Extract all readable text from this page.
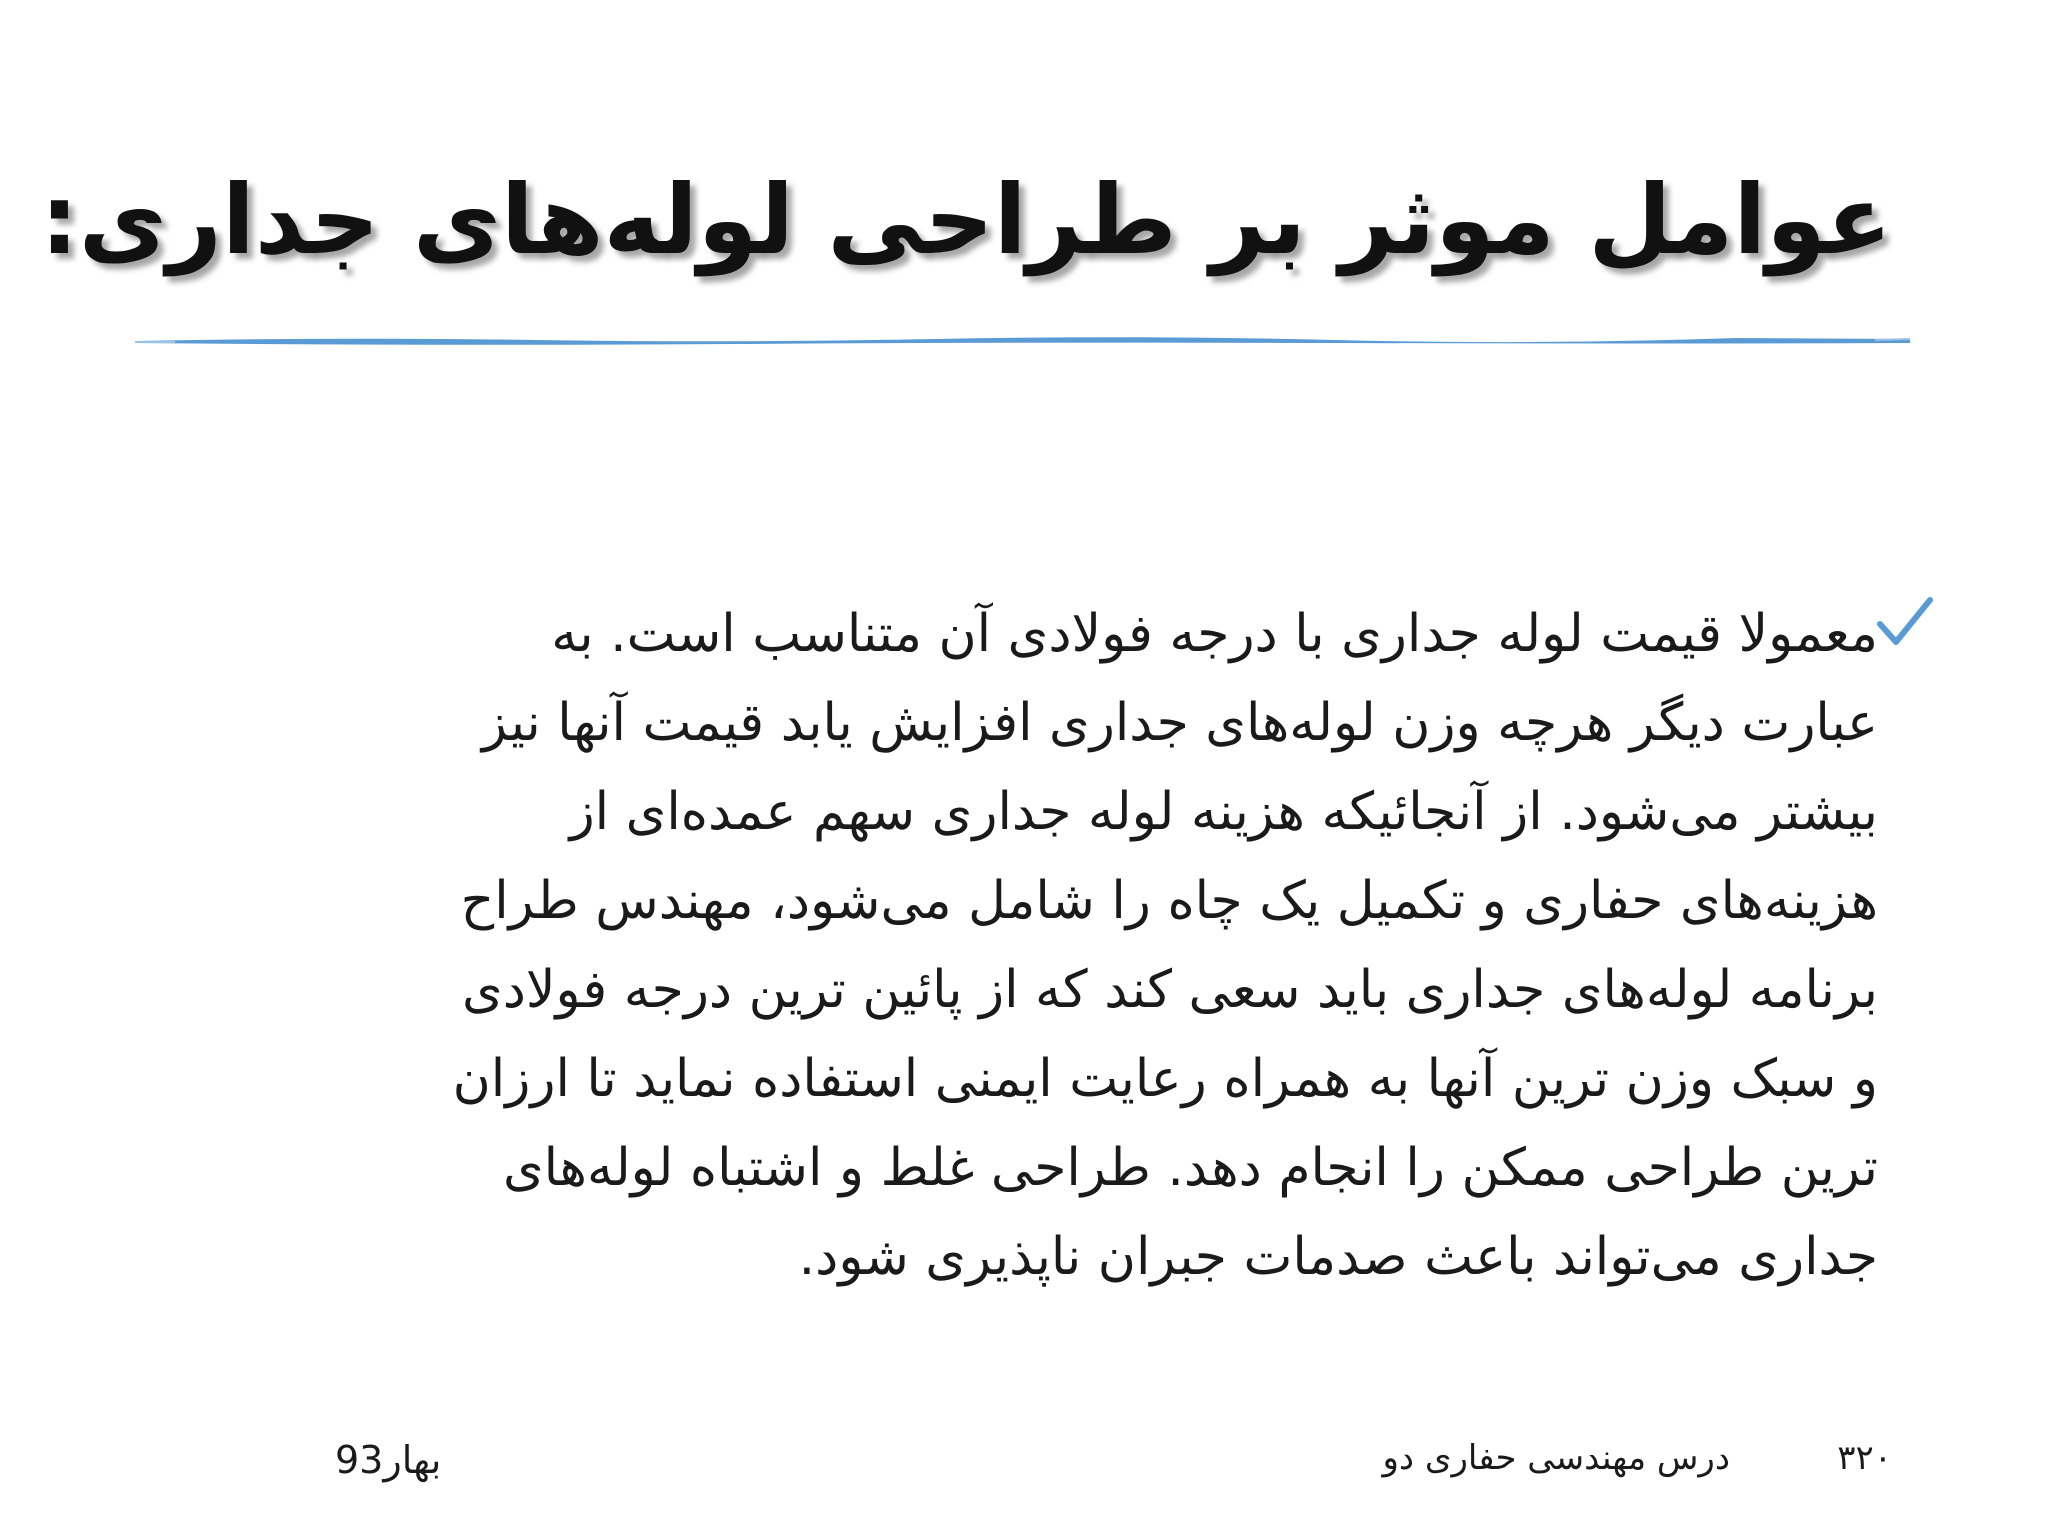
عوامل موثر بر طراحی لوله‌های جداری:

معمولا قیمت لوله جداری با درجه فولادی آن متناسب است. به
عبارت دیگر هرچه وزن لوله‌های جداری افزایش یابد قیمت آنها نیز
بیشتر می‌شود. از آنجائیکه هزینه لوله جداری سهم عمده‌ای از
هزینه‌های حفاری و تکمیل یک چاه را شامل می‌شود، مهندس طراح
برنامه لوله‌های جداری باید سعی کند که از پائین ترین درجه فولادی
و سبک وزن ترین آنها به همراه رعایت ایمنی استفاده نماید تا ارزان
ترین طراحی ممکن را انجام دهد. طراحی غلط و اشتباه لوله‌های
جداری می‌تواند باعث صدمات جبران ناپذیری شود.

۳۲۰
درس مهندسی حفاری دو
بهار93
